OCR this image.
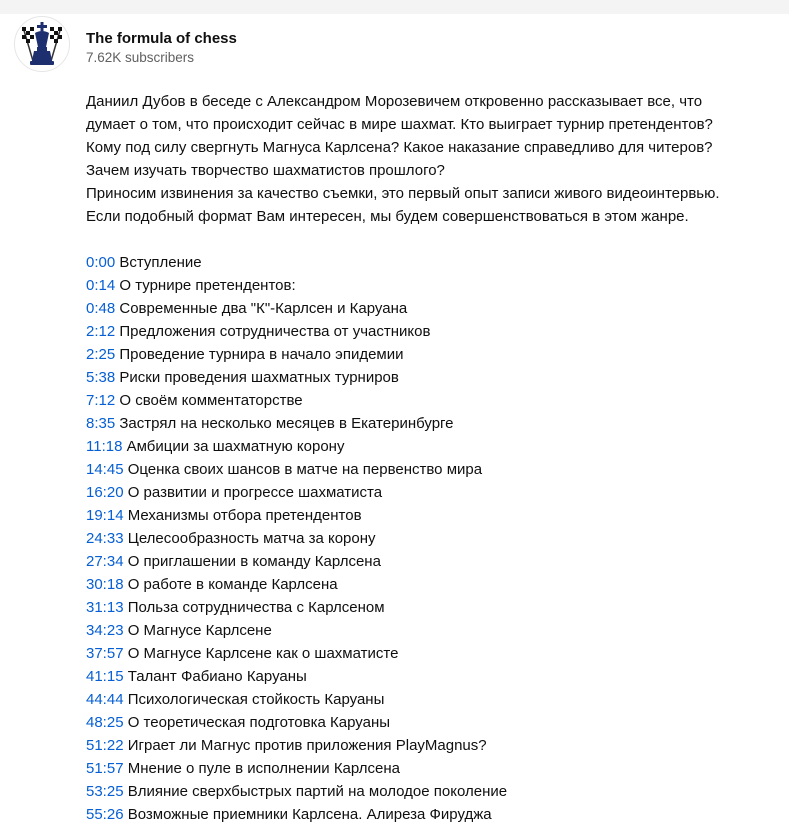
The formula of chess
7.62K subscribers
Даниил Дубов в беседе с Александром Морозевичем откровенно рассказывает все, что
думает о том, что происходит сейчас в мире шахмат. Кто выиграет турнир претендентов?
Кому под силу свергнуть Магнуса Карлсена? Какое наказание справедливо для читеров?
Зачем изучать творчество шахматистов прошлого?
Приносим извинения за качество съемки, это первый опыт записи живого видеоинтервью.
Если подобный формат Вам интересен, мы будем совершенствоваться в этом жанре.
0:00 Вступление
0:14 О турнире претендентов:
0:48 Современные два "К"-Карлсен и Каруана
2:12 Предложения сотрудничества от участников
2:25 Проведение турнира в начало эпидемии
5:38 Риски проведения шахматных турниров
7:12 О своём комментаторстве
8:35 Застрял на несколько месяцев в Екатеринбурге
11:18 Амбиции за шахматную корону
14:45 Оценка своих шансов в матче на первенство мира
16:20 О развитии и прогрессе шахматиста
19:14 Механизмы отбора претендентов
24:33 Целесообразность матча за корону
27:34 О приглашении в команду Карлсена
30:18 О работе в команде Карлсена
31:13 Польза сотрудничества с Карлсеном
34:23 О Магнусе Карлсене
37:57 О Магнусе Карлсене как о шахматисте
41:15 Талант Фабиано Каруаны
44:44 Психологическая стойкость Каруаны
48:25 О теоретическая подготовка Каруаны
51:22 Играет ли Магнус против приложения PlayMagnus?
51:57 Мнение о пуле в исполнении Карлсена
53:25 Влияние сверхбыстрых партий на молодое поколение
55:26 Возможные приемники Карлсена. Алиреза Фируджа
